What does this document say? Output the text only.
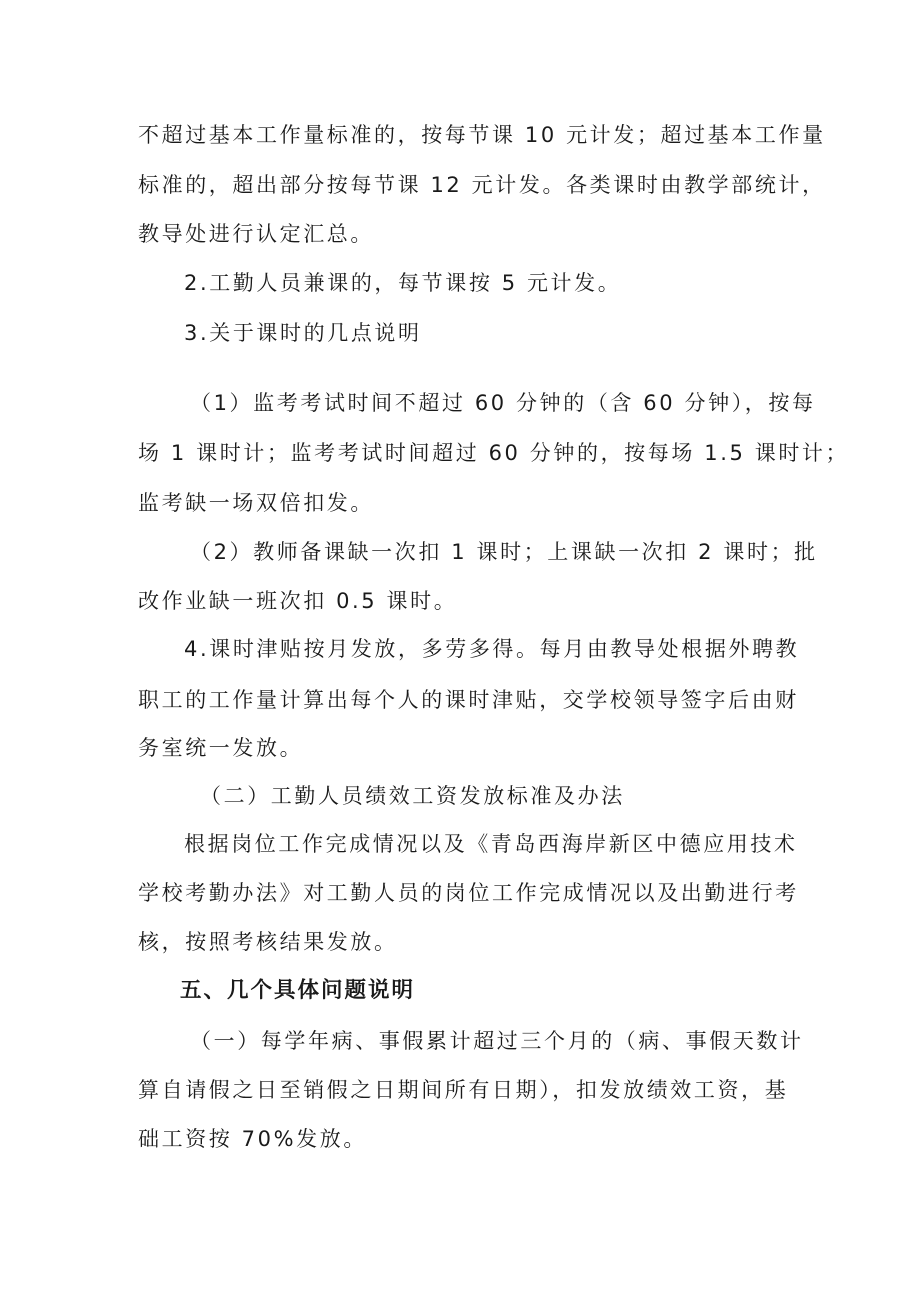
不超过基本工作量标准的，按每节课 10 元计发；超过基本工作量
标准的，超出部分按每节课 12 元计发。各类课时由教学部统计，
教导处进行认定汇总。
2.工勤人员兼课的，每节课按 5 元计发。
3.关于课时的几点说明
（1）监考考试时间不超过 60 分钟的（含 60 分钟），按每
场 1 课时计；监考考试时间超过 60 分钟的，按每场 1.5 课时计；
监考缺一场双倍扣发。
（2）教师备课缺一次扣 1 课时；上课缺一次扣 2 课时；批
改作业缺一班次扣 0.5 课时。
4.课时津贴按月发放，多劳多得。每月由教导处根据外聘教
职工的工作量计算出每个人的课时津贴，交学校领导签字后由财
务室统一发放。
（二）工勤人员绩效工资发放标准及办法
根据岗位工作完成情况以及《青岛西海岸新区中德应用技术
学校考勤办法》对工勤人员的岗位工作完成情况以及出勤进行考
核，按照考核结果发放。
五、几个具体问题说明
（一）每学年病、事假累计超过三个月的（病、事假天数计
算自请假之日至销假之日期间所有日期），扣发放绩效工资，基
础工资按 70%发放。
